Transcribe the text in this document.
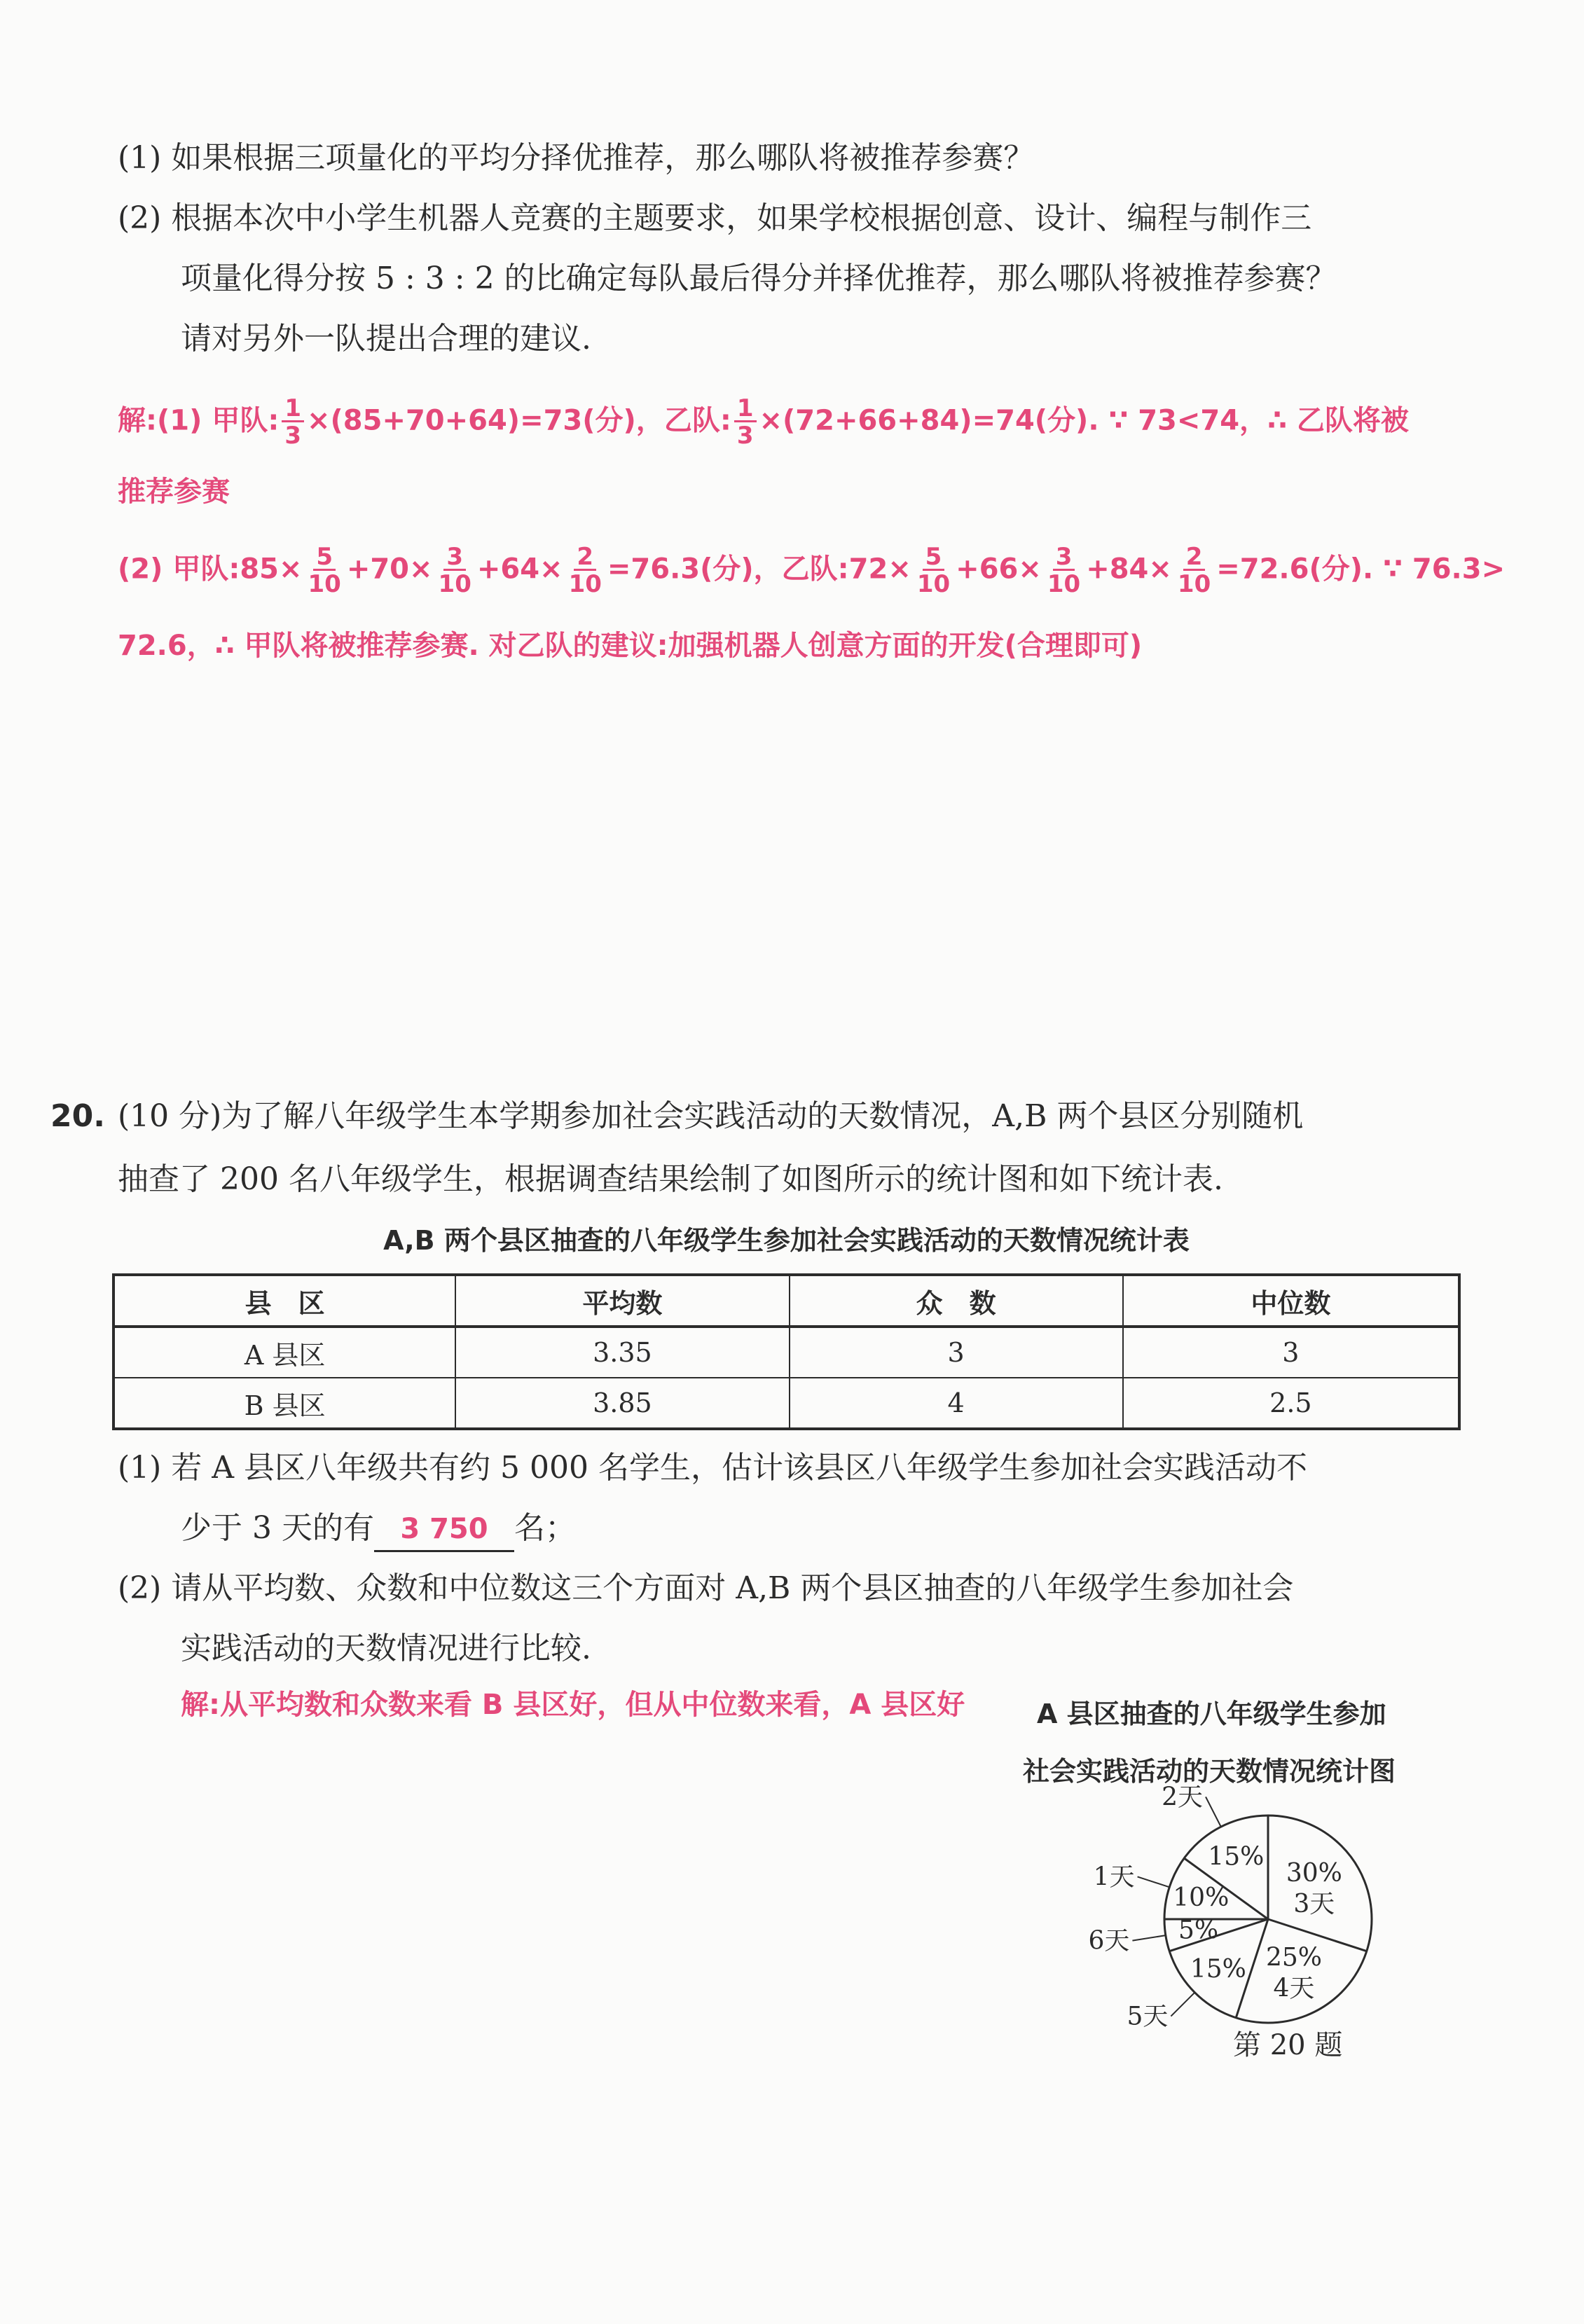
(1) 如果根据三项量化的平均分择优推荐，那么哪队将被推荐参赛？
(2) 根据本次中小学生机器人竞赛的主题要求，如果学校根据创意、设计、编程与制作三
项量化得分按 5 : 3 : 2 的比确定每队最后得分并择优推荐，那么哪队将被推荐参赛？
请对另外一队提出合理的建议.
解:(1) 甲队: $\frac{1}{3} \times(85+70+64)=73$(分)，乙队: $\frac{1}{3} \times(72+66+84)=74$(分). ∵ 73<74，∴ 乙队将被
推荐参赛
(2) 甲队:85× $\frac{5}{10} +70\times \frac{3}{10} +64\times \frac{2}{10} =76.3$(分)，乙队:72× $\frac{5}{10} +66\times \frac{3}{10} +84\times \frac{2}{10} =72.6$(分). ∵ 76.3>
72.6，∴ 甲队将被推荐参赛. 对乙队的建议:加强机器人创意方面的开发(合理即可)
20. (10 分)为了解八年级学生本学期参加社会实践活动的天数情况，A,B 两个县区分别随机
抽查了 200 名八年级学生，根据调查结果绘制了如图所示的统计图和如下统计表.
A,B 两个县区抽查的八年级学生参加社会实践活动的天数情况统计表
县　区	平均数	众　数	中位数
A 县区	3.35	3	3
B 县区	3.85	4	2.5
(1) 若 A 县区八年级共有约 5 000 名学生，估计该县区八年级学生参加社会实践活动不
少于 3 天的有 3 750 名；
(2) 请从平均数、众数和中位数这三个方面对 A,B 两个县区抽查的八年级学生参加社会
实践活动的天数情况进行比较.
解:从平均数和众数来看 B 县区好，但从中位数来看，A 县区好	A 县区抽查的八年级学生参加
社会实践活动的天数情况统计图
30%
3天
25%
4天
15%
5天
5%
6天
10%
1天
15%
2天
第 20 题
